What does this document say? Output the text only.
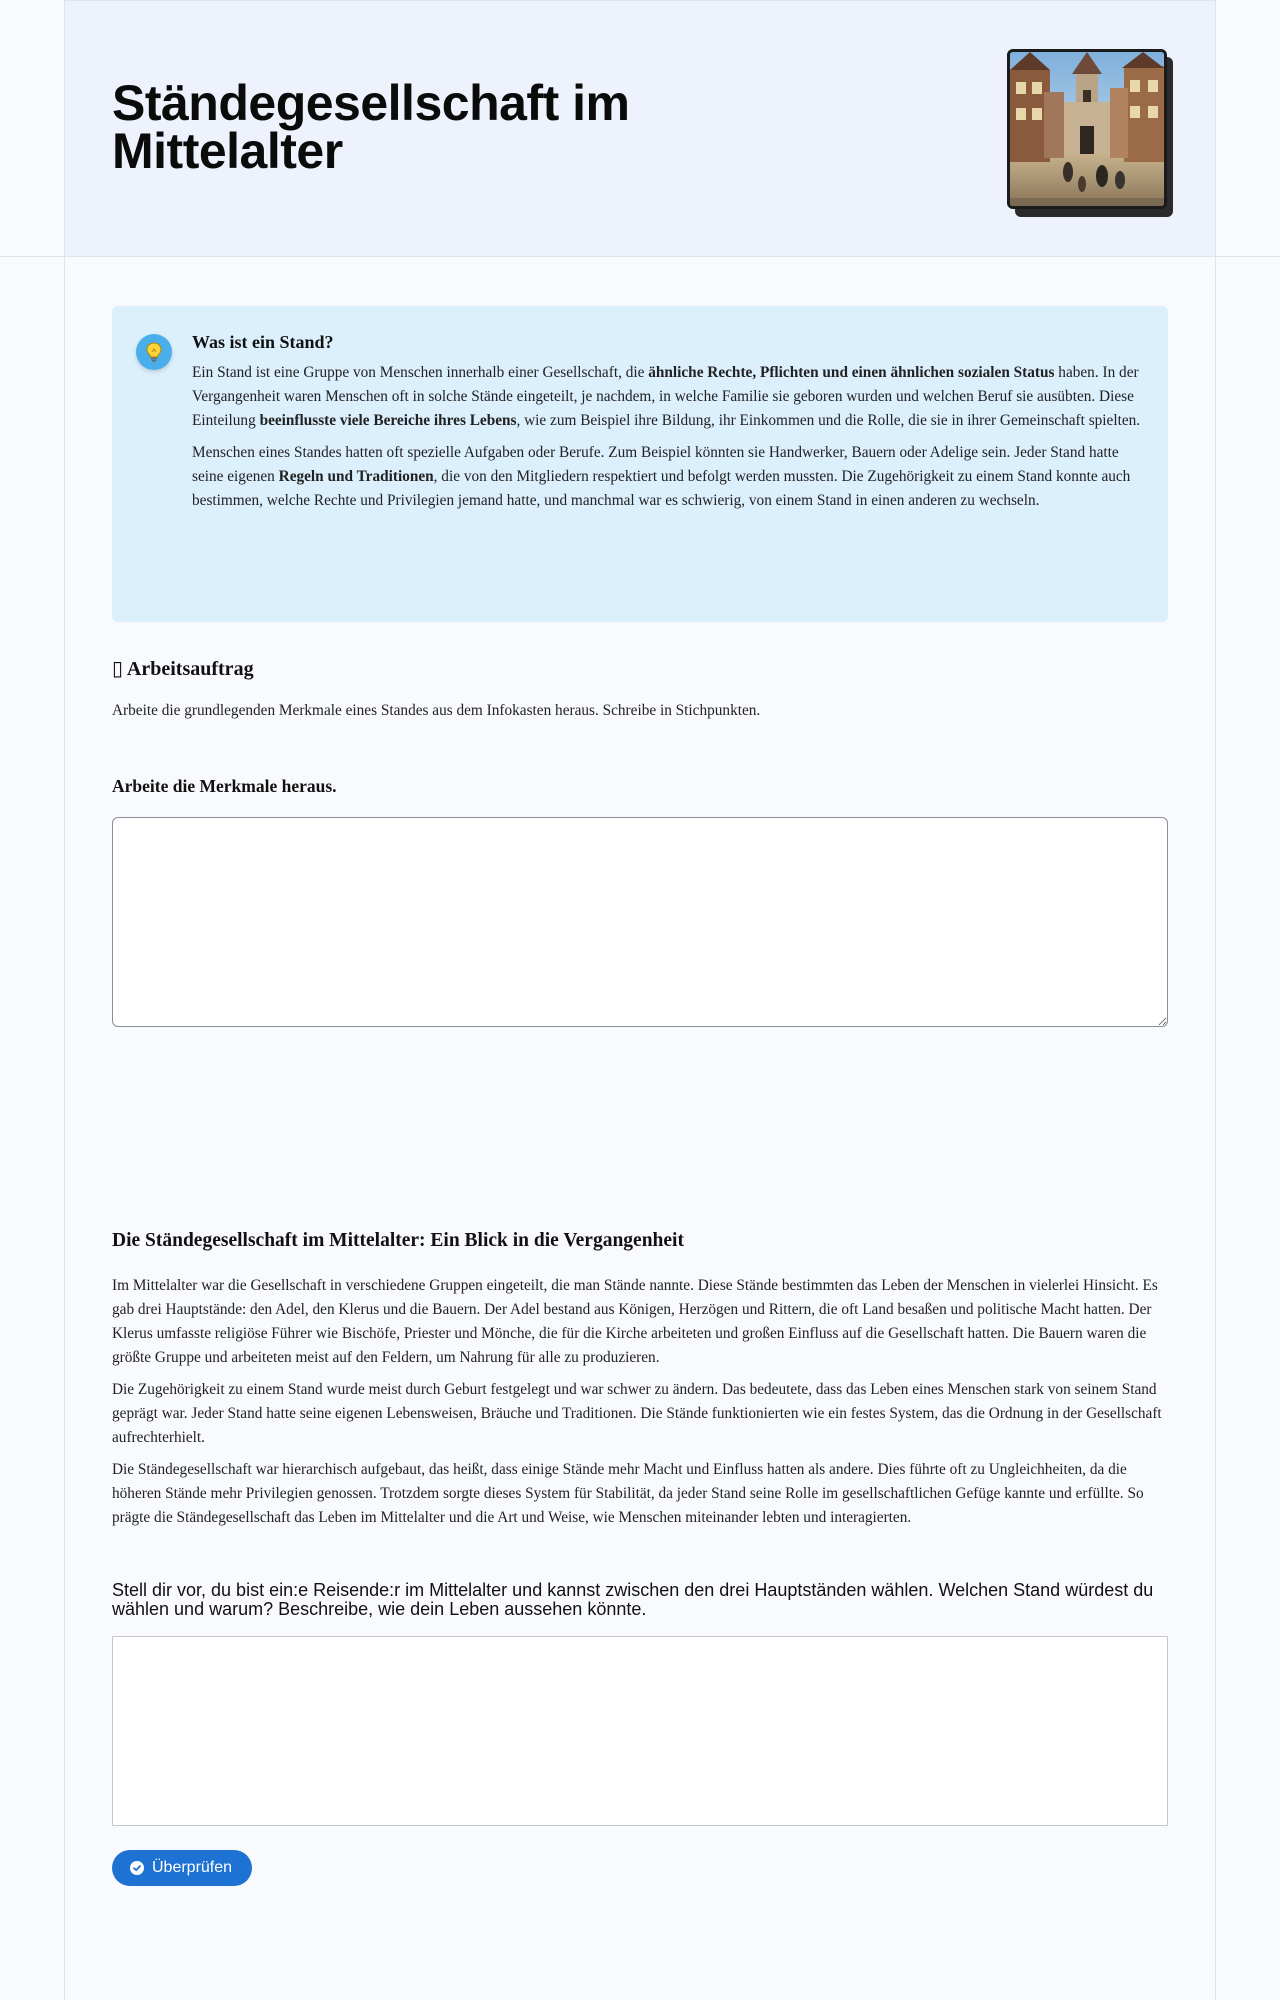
Ständegesellschaft im Mittelalter
Was ist ein Stand?

Ein Stand ist eine Gruppe von Menschen innerhalb einer Gesellschaft, die ähnliche Rechte, Pflichten und einen ähnlichen sozialen Status haben. In der Vergangenheit waren Menschen oft in solche Stände eingeteilt, je nachdem, in welche Familie sie geboren wurden und welchen Beruf sie ausübten. Diese Einteilung beeinflusste viele Bereiche ihres Lebens, wie zum Beispiel ihre Bildung, ihr Einkommen und die Rolle, die sie in ihrer Gemeinschaft spielten.

Menschen eines Standes hatten oft spezielle Aufgaben oder Berufe. Zum Beispiel könnten sie Handwerker, Bauern oder Adelige sein. Jeder Stand hatte seine eigenen Regeln und Traditionen, die von den Mitgliedern respektiert und befolgt werden mussten. Die Zugehörigkeit zu einem Stand konnte auch bestimmen, welche Rechte und Privilegien jemand hatte, und manchmal war es schwierig, von einem Stand in einen anderen zu wechseln.

▯ Arbeitsauftrag

Arbeite die grundlegenden Merkmale eines Standes aus dem Infokasten heraus. Schreibe in Stichpunkten.

Arbeite die Merkmale heraus.
Die Ständegesellschaft im Mittelalter: Ein Blick in die Vergangenheit

Im Mittelalter war die Gesellschaft in verschiedene Gruppen eingeteilt, die man Stände nannte. Diese Stände bestimmten das Leben der Menschen in vielerlei Hinsicht. Es gab drei Hauptstände: den Adel, den Klerus und die Bauern. Der Adel bestand aus Königen, Herzögen und Rittern, die oft Land besaßen und politische Macht hatten. Der Klerus umfasste religiöse Führer wie Bischöfe, Priester und Mönche, die für die Kirche arbeiteten und großen Einfluss auf die Gesellschaft hatten. Die Bauern waren die größte Gruppe und arbeiteten meist auf den Feldern, um Nahrung für alle zu produzieren.

Die Zugehörigkeit zu einem Stand wurde meist durch Geburt festgelegt und war schwer zu ändern. Das bedeutete, dass das Leben eines Menschen stark von seinem Stand geprägt war. Jeder Stand hatte seine eigenen Lebensweisen, Bräuche und Traditionen. Die Stände funktionierten wie ein festes System, das die Ordnung in der Gesellschaft aufrechterhielt.

Die Ständegesellschaft war hierarchisch aufgebaut, das heißt, dass einige Stände mehr Macht und Einfluss hatten als andere. Dies führte oft zu Ungleichheiten, da die höheren Stände mehr Privilegien genossen. Trotzdem sorgte dieses System für Stabilität, da jeder Stand seine Rolle im gesellschaftlichen Gefüge kannte und erfüllte. So prägte die Ständegesellschaft das Leben im Mittelalter und die Art und Weise, wie Menschen miteinander lebten und interagierten.

Stell dir vor, du bist ein:e Reisende:r im Mittelalter und kannst zwischen den drei Hauptständen wählen. Welchen Stand würdest du wählen und warum? Beschreibe, wie dein Leben aussehen könnte.

Überprüfen
